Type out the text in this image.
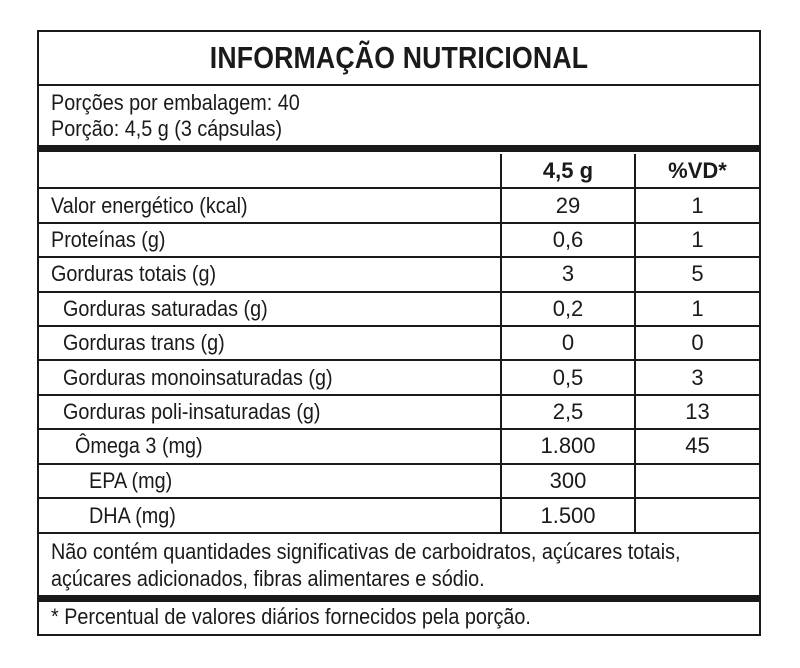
INFORMAÇÃO NUTRICIONAL
Porções por embalagem: 40
Porção: 4,5 g (3 cápsulas)
	4,5 g	%VD*
Valor energético (kcal)	29	1
Proteínas (g)	0,6	1
Gorduras totais (g)	3	5
Gorduras saturadas (g)	0,2	1
Gorduras trans (g)	0	0
Gorduras monoinsaturadas (g)	0,5	3
Gorduras poli-insaturadas (g)	2,5	13
Ômega 3 (mg)	1.800	45
EPA (mg)	300	
DHA (mg)	1.500	
Não contém quantidades significativas de carboidratos, açúcares totais,
açúcares adicionados, fibras alimentares e sódio.
* Percentual de valores diários fornecidos pela porção.
